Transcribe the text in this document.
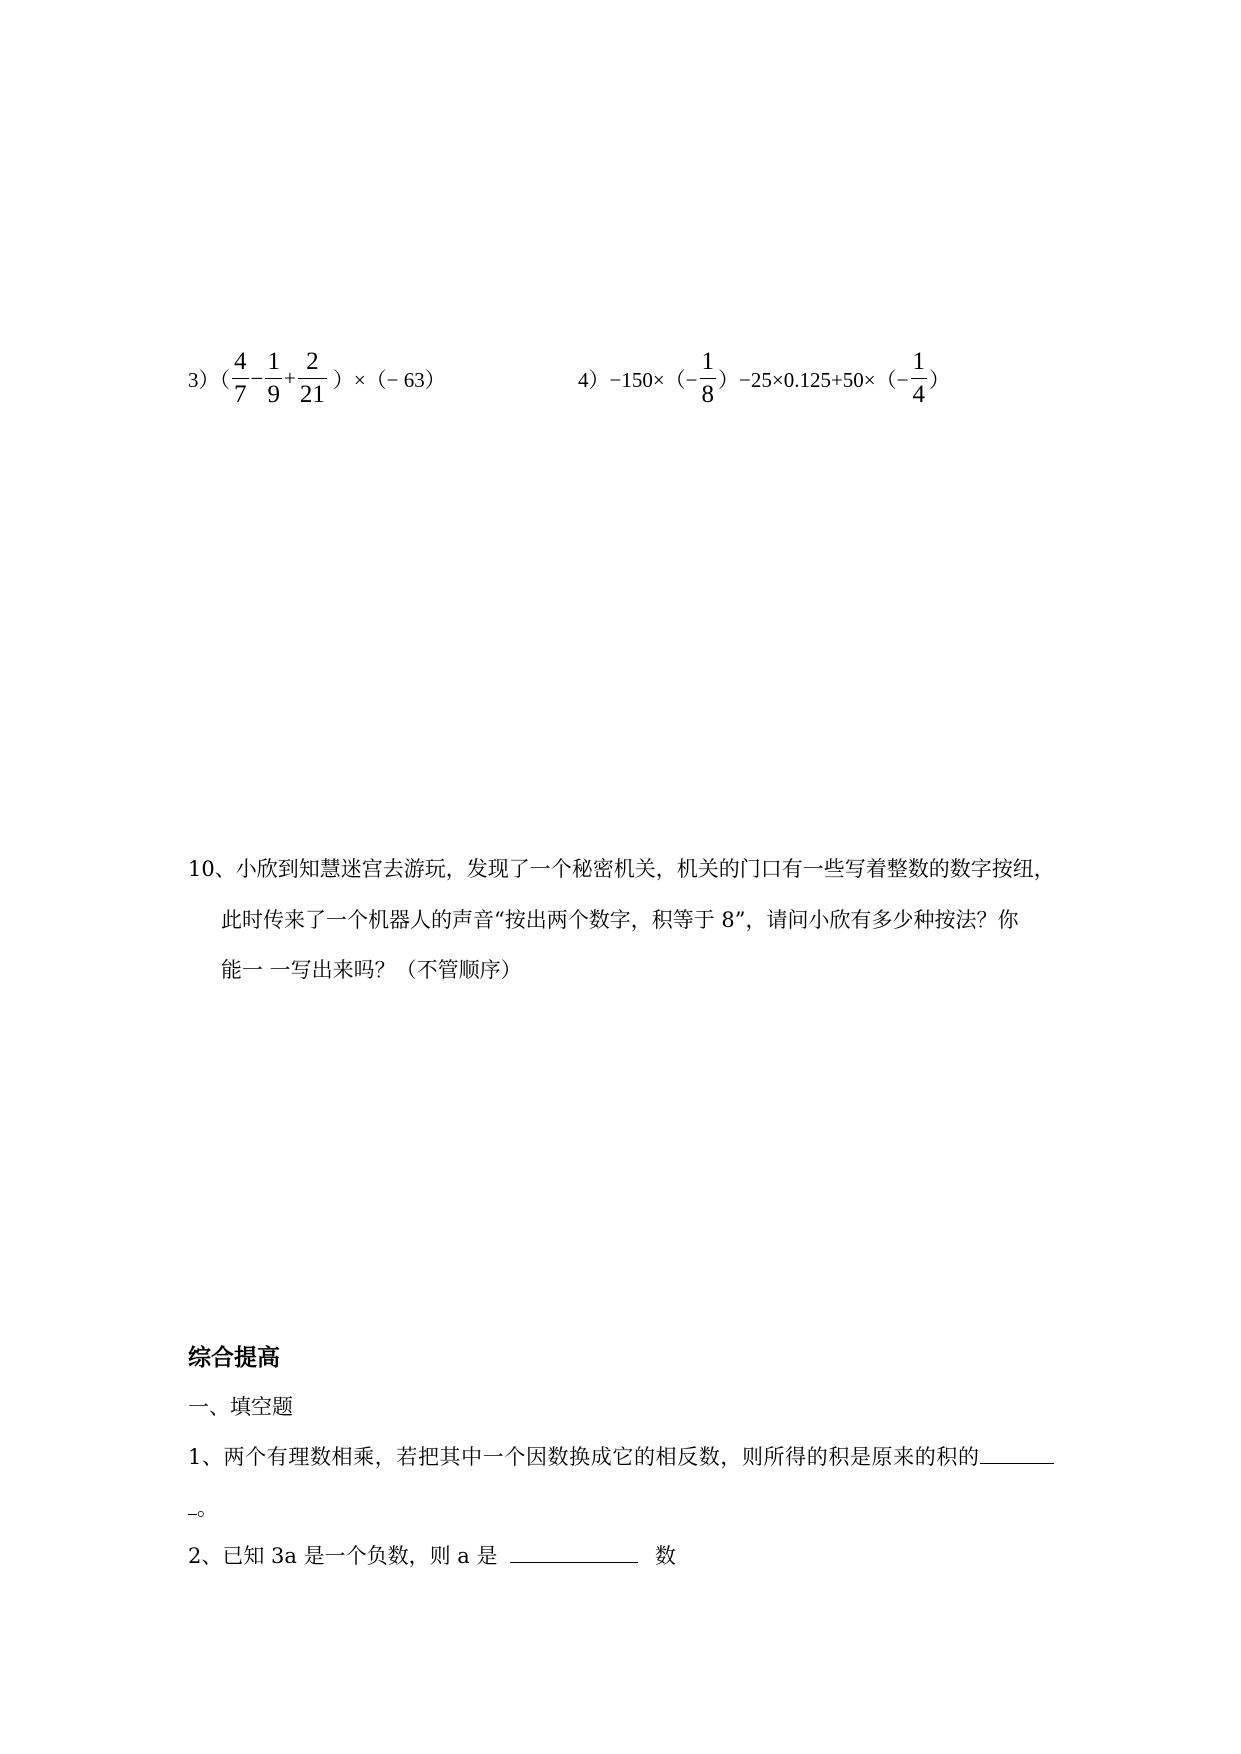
$3)( \frac{4}{7} - \frac{1}{9} + \frac{2}{21}$ ）×（− 63）	$4)-150\times(- \frac{1}{8} )-25\times 0.125+50\times(- \frac{1}{4}$ ）
10、小欣到知慧迷宫去游玩，发现了一个秘密机关，机关的门口有一些写着整数的数字按纽，
此时传来了一个机器人的声音“按出两个数字，积等于 8”，请问小欣有多少种按法？你
能一 一写出来吗？（不管顺序）
综合提高
一、填空题
1、两个有理数相乘，若把其中一个因数换成它的相反数，则所得的积是原来的积的
。
2、已知 3a 是一个负数，则 a 是	数
